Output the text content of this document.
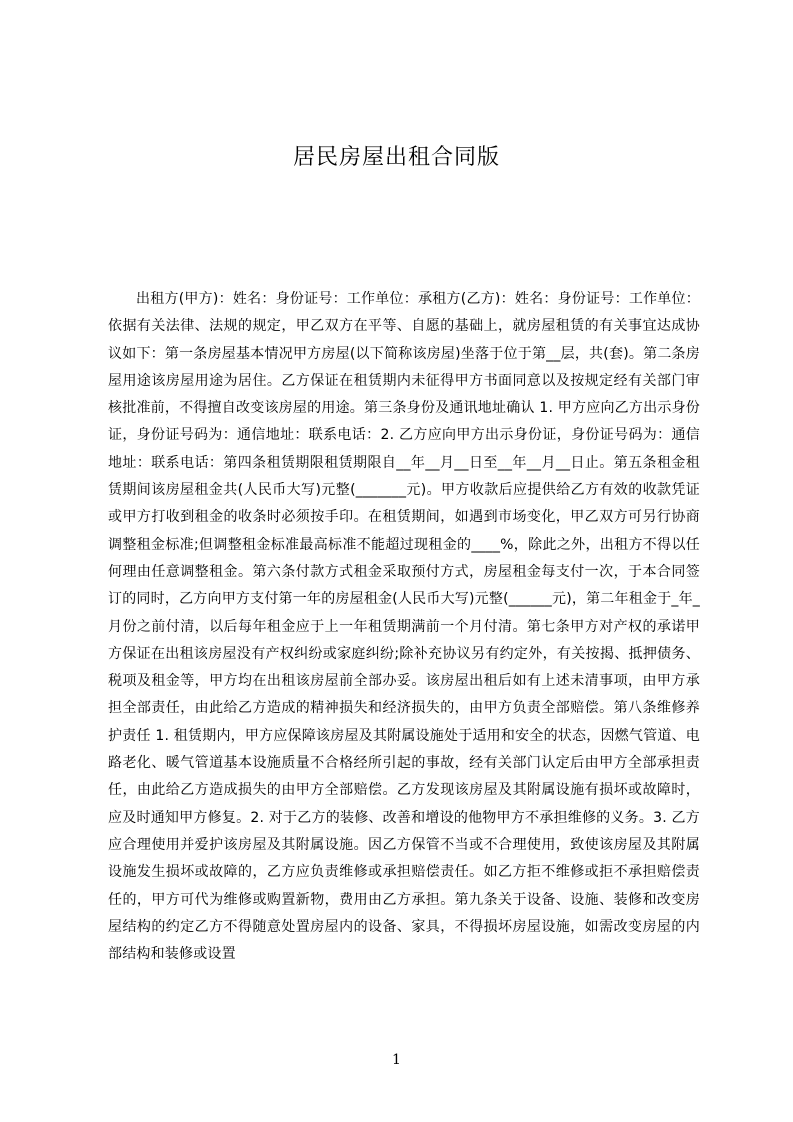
居民房屋出租合同版

出租方(甲方)：姓名：身份证号：工作单位：承租方(乙方)：姓名：身份证号：工作单位：依据有关法律、法规的规定，甲乙双方在平等、自愿的基础上，就房屋租赁的有关事宜达成协议如下：第一条房屋基本情况甲方房屋(以下简称该房屋)坐落于位于第__层，共(套)。第二条房屋用途该房屋用途为居住。乙方保证在租赁期内未征得甲方书面同意以及按规定经有关部门审核批准前，不得擅自改变该房屋的用途。第三条身份及通讯地址确认 1. 甲方应向乙方出示身份证，身份证号码为：通信地址：联系电话：2. 乙方应向甲方出示身份证，身份证号码为：通信地址：联系电话：第四条租赁期限租赁期限自__年__月__日至__年__月__日止。第五条租金租赁期间该房屋租金共(人民币大写)元整(_______元)。甲方收款后应提供给乙方有效的收款凭证或甲方打收到租金的收条时必须按手印。在租赁期间，如遇到市场变化，甲乙双方可另行协商调整租金标准;但调整租金标准最高标准不能超过现租金的____%，除此之外，出租方不得以任何理由任意调整租金。第六条付款方式租金采取预付方式，房屋租金每支付一次，于本合同签订的同时，乙方向甲方支付第一年的房屋租金(人民币大写)元整(______元)，第二年租金于_年_月份之前付清，以后每年租金应于上一年租赁期满前一个月付清。第七条甲方对产权的承诺甲方保证在出租该房屋没有产权纠纷或家庭纠纷;除补充协议另有约定外，有关按揭、抵押债务、税项及租金等，甲方均在出租该房屋前全部办妥。该房屋出租后如有上述未清事项，由甲方承担全部责任，由此给乙方造成的精神损失和经济损失的，由甲方负责全部赔偿。第八条维修养护责任 1. 租赁期内，甲方应保障该房屋及其附属设施处于适用和安全的状态，因燃气管道、电路老化、暖气管道基本设施质量不合格经所引起的事故，经有关部门认定后由甲方全部承担责任，由此给乙方造成损失的由甲方全部赔偿。乙方发现该房屋及其附属设施有损坏或故障时，应及时通知甲方修复。2. 对于乙方的装修、改善和增设的他物甲方不承担维修的义务。3. 乙方应合理使用并爱护该房屋及其附属设施。因乙方保管不当或不合理使用，致使该房屋及其附属设施发生损坏或故障的，乙方应负责维修或承担赔偿责任。如乙方拒不维修或拒不承担赔偿责任的，甲方可代为维修或购置新物，费用由乙方承担。第九条关于设备、设施、装修和改变房屋结构的约定乙方不得随意处置房屋内的设备、家具，不得损坏房屋设施，如需改变房屋的内部结构和装修或设置

1
